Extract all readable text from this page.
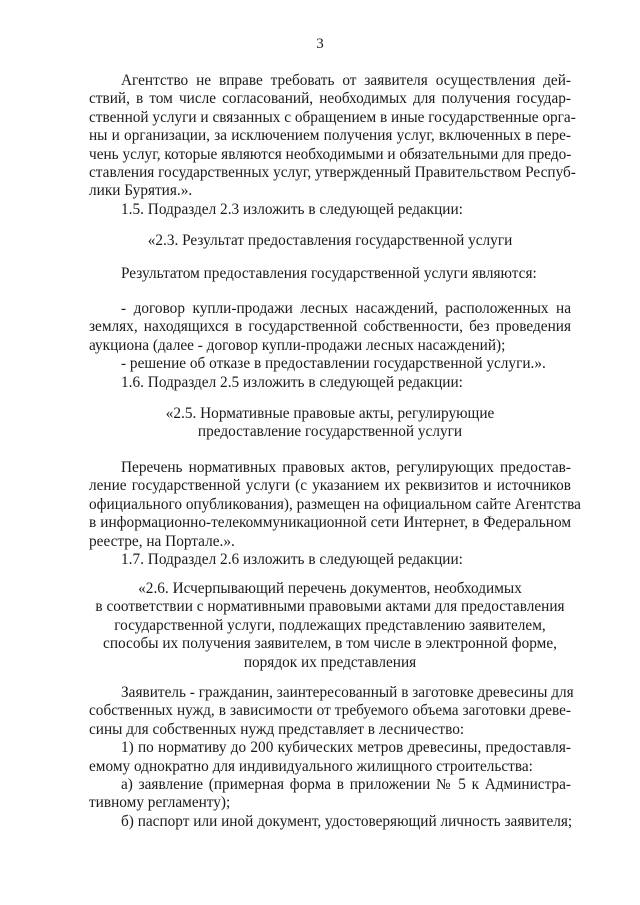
3
Агентство не вправе требовать от заявителя осуществления дей-
ствий, в том числе согласований, необходимых для получения государ-
ственной услуги и связанных с обращением в иные государственные орга-
ны и организации, за исключением получения услуг, включенных в пере-
чень услуг, которые являются необходимыми и обязательными для предо-
ставления государственных услуг, утвержденный Правительством Респуб-
лики Бурятия.».
1.5. Подраздел 2.3 изложить в следующей редакции:
«2.3. Результат предоставления государственной услуги
Результатом предоставления государственной услуги являются:
- договор купли-продажи лесных насаждений, расположенных на
землях, находящихся в государственной собственности, без проведения
аукциона (далее - договор купли-продажи лесных насаждений);
- решение об отказе в предоставлении государственной услуги.».
1.6. Подраздел 2.5 изложить в следующей редакции:
«2.5. Нормативные правовые акты, регулирующие
предоставление государственной услуги
Перечень нормативных правовых актов, регулирующих предостав-
ление государственной услуги (с указанием их реквизитов и источников
официального опубликования), размещен на официальном сайте Агентства
в информационно-телекоммуникационной сети Интернет, в Федеральном
реестре, на Портале.».
1.7. Подраздел 2.6 изложить в следующей редакции:
«2.6. Исчерпывающий перечень документов, необходимых
в соответствии с нормативными правовыми актами для предоставления
государственной услуги, подлежащих представлению заявителем,
способы их получения заявителем, в том числе в электронной форме,
порядок их представления
Заявитель - гражданин, заинтересованный в заготовке древесины для
собственных нужд, в зависимости от требуемого объема заготовки древе-
сины для собственных нужд представляет в лесничество:
1) по нормативу до 200 кубических метров древесины, предоставля-
емому однократно для индивидуального жилищного строительства:
а) заявление (примерная форма в приложении № 5 к Администра-
тивному регламенту);
б) паспорт или иной документ, удостоверяющий личность заявителя;
